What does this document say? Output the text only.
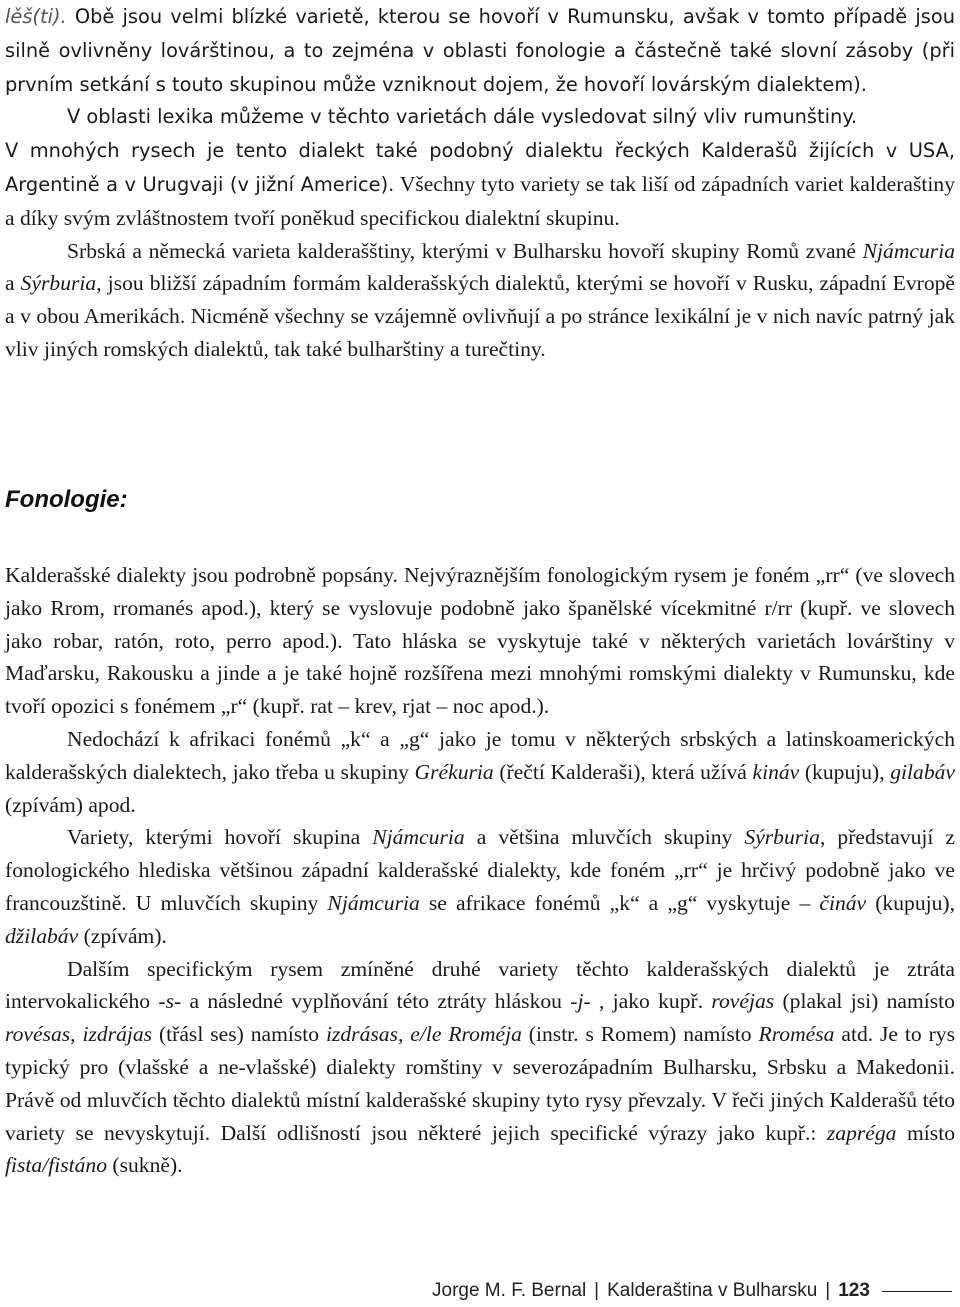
lěš(ti). Obě jsou velmi blízké varietě, kterou se hovoří v Rumunsku, avšak v tomto případě jsou silně ovlivněny lovárštinou, a to zejména v oblasti fonologie a částečně také slovní zásoby (při prvním setkání s touto skupinou může vzniknout dojem, že hovoří lovárským dialektem).

V oblasti lexika můžeme v těchto varietách dále vysledovat silný vliv rumunštiny.

V mnohých rysech je tento dialekt také podobný dialektu řeckých Kalderašů žijících v USA, Argentině a v Urugvaji (v jižní Americe). Všechny tyto variety se tak liší od západních variet kalderaštiny a díky svým zvláštnostem tvoří poněkud specifickou dialektní skupinu.

Srbská a německá varieta kalderašštiny, kterými v Bulharsku hovoří skupiny Romů zvané Njámcuria a Sýrburia, jsou bližší západním formám kalderašských dialektů, kterými se hovoří v Rusku, západní Evropě a v obou Amerikách. Nicméně všechny se vzájemně ovlivňují a po stránce lexikální je v nich navíc patrný jak vliv jiných romských dialektů, tak také bulharštiny a turečtiny.

Fonologie:

Kalderašské dialekty jsou podrobně popsány. Nejvýraznějším fonologickým rysem je foném „rr“ (ve slovech jako Rrom, rromanés apod.), který se vyslovuje podobně jako španělské vícekmitné r/rr (kupř. ve slovech jako robar, ratón, roto, perro apod.). Tato hláska se vyskytuje také v některých varietách lovárštiny v Maďarsku, Rakousku a jinde a je také hojně rozšířena mezi mnohými romskými dialekty v Rumunsku, kde tvoří opozici s fonémem „r“ (kupř. rat – krev, rjat – noc apod.).

Nedochází k afrikaci fonémů „k“ a „g“ jako je tomu v některých srbských a latinskoamerických kalderašských dialektech, jako třeba u skupiny Grékuria (řečtí Kalderaši), která užívá kináv (kupuju), gilabáv (zpívám) apod.

Variety, kterými hovoří skupina Njámcuria a většina mluvčích skupiny Sýrburia, představují z fonologického hlediska většinou západní kalderašské dialekty, kde foném „rr“ je hrčivý podobně jako ve francouzštině. U mluvčích skupiny Njámcuria se afrikace fonémů „k“ a „g“ vyskytuje – čináv (kupuju), džilabáv (zpívám).

Dalším specifickým rysem zmíněné druhé variety těchto kalderašských dialektů je ztráta intervokalického -s- a následné vyplňování této ztráty hláskou -j- , jako kupř. rovéjas (plakal jsi) namísto rovésas, izdrájas (třásl ses) namísto izdrásas, e/le Rroméja (instr. s Romem) namísto Rromésa atd. Je to rys typický pro (vlašské a ne-vlašské) dialekty romštiny v severozápadním Bulharsku, Srbsku a Makedonii. Právě od mluvčích těchto dialektů místní kalderašské skupiny tyto rysy převzaly. V řeči jiných Kalderašů této variety se nevyskytují. Další odlišností jsou některé jejich specifické výrazy jako kupř.: zapréga místo fista/fistáno (sukně).

Jorge M. F. Bernal | Kalderaština v Bulharsku | 123
